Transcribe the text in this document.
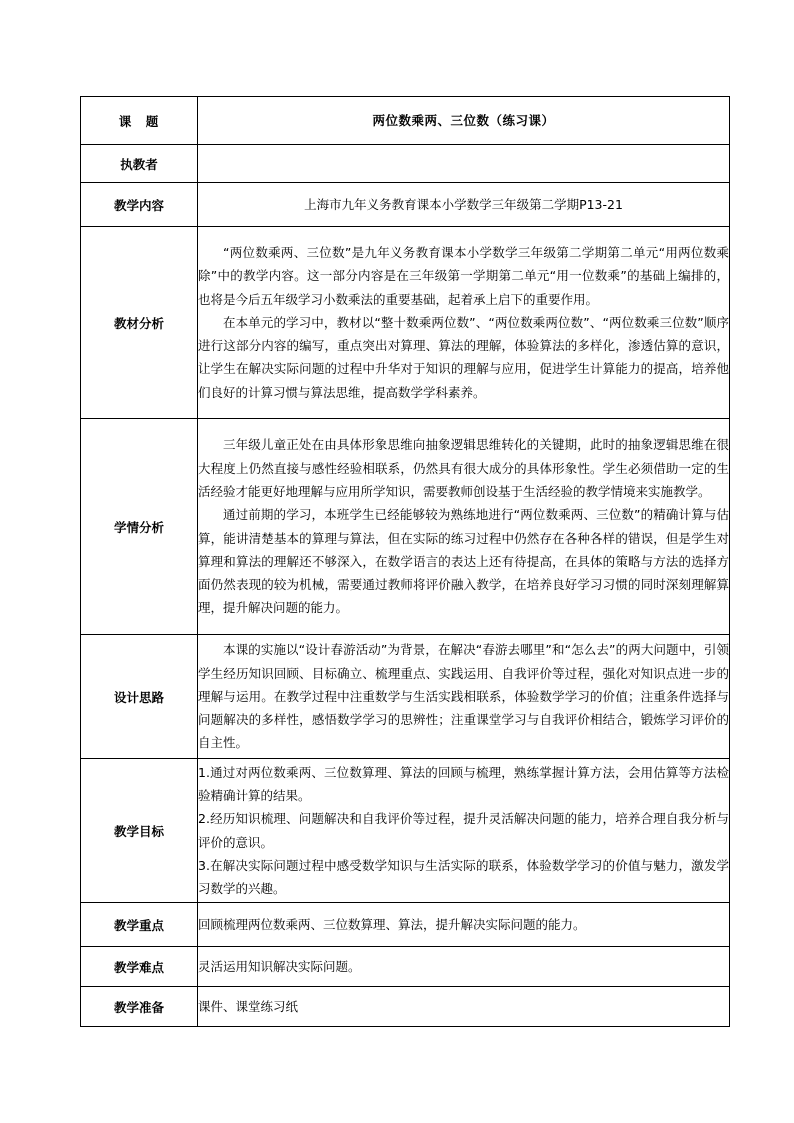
课　题	两位数乘两、三位数（练习课）
执教者	
教学内容	上海市九年义务教育课本小学数学三年级第二学期P13-21
教材分析	“两位数乘两、三位数”是九年义务教育课本小学数学三年级第二学期第二单元“用两位数乘除”中的教学内容。这一部分内容是在三年级第一学期第二单元“用一位数乘”的基础上编排的，也将是今后五年级学习小数乘法的重要基础，起着承上启下的重要作用。

在本单元的学习中，教材以“整十数乘两位数”、“两位数乘两位数”、“两位数乘三位数”顺序进行这部分内容的编写，重点突出对算理、算法的理解，体验算法的多样化，渗透估算的意识，让学生在解决实际问题的过程中升华对于知识的理解与应用，促进学生计算能力的提高，培养他们良好的计算习惯与算法思维，提高数学学科素养。

学情分析	三年级儿童正处在由具体形象思维向抽象逻辑思维转化的关键期，此时的抽象逻辑思维在很大程度上仍然直接与感性经验相联系，仍然具有很大成分的具体形象性。学生必须借助一定的生活经验才能更好地理解与应用所学知识，需要教师创设基于生活经验的教学情境来实施教学。

通过前期的学习，本班学生已经能够较为熟练地进行“两位数乘两、三位数”的精确计算与估算，能讲清楚基本的算理与算法，但在实际的练习过程中仍然存在各种各样的错误，但是学生对算理和算法的理解还不够深入，在数学语言的表达上还有待提高，在具体的策略与方法的选择方面仍然表现的较为机械，需要通过教师将评价融入教学，在培养良好学习习惯的同时深刻理解算理，提升解决问题的能力。

设计思路	本课的实施以“设计春游活动”为背景，在解决“春游去哪里”和“怎么去”的两大问题中，引领学生经历知识回顾、目标确立、梳理重点、实践运用、自我评价等过程，强化对知识点进一步的理解与运用。在教学过程中注重数学与生活实践相联系，体验数学学习的价值；注重条件选择与问题解决的多样性，感悟数学学习的思辨性；注重课堂学习与自我评价相结合，锻炼学习评价的自主性。

教学目标	1.通过对两位数乘两、三位数算理、算法的回顾与梳理，熟练掌握计算方法，会用估算等方法检验精确计算的结果。

2.经历知识梳理、问题解决和自我评价等过程，提升灵活解决问题的能力，培养合理自我分析与评价的意识。

3.在解决实际问题过程中感受数学知识与生活实际的联系，体验数学学习的价值与魅力，激发学习数学的兴趣。

教学重点	回顾梳理两位数乘两、三位数算理、算法，提升解决实际问题的能力。
教学难点	灵活运用知识解决实际问题。
教学准备	课件、课堂练习纸
